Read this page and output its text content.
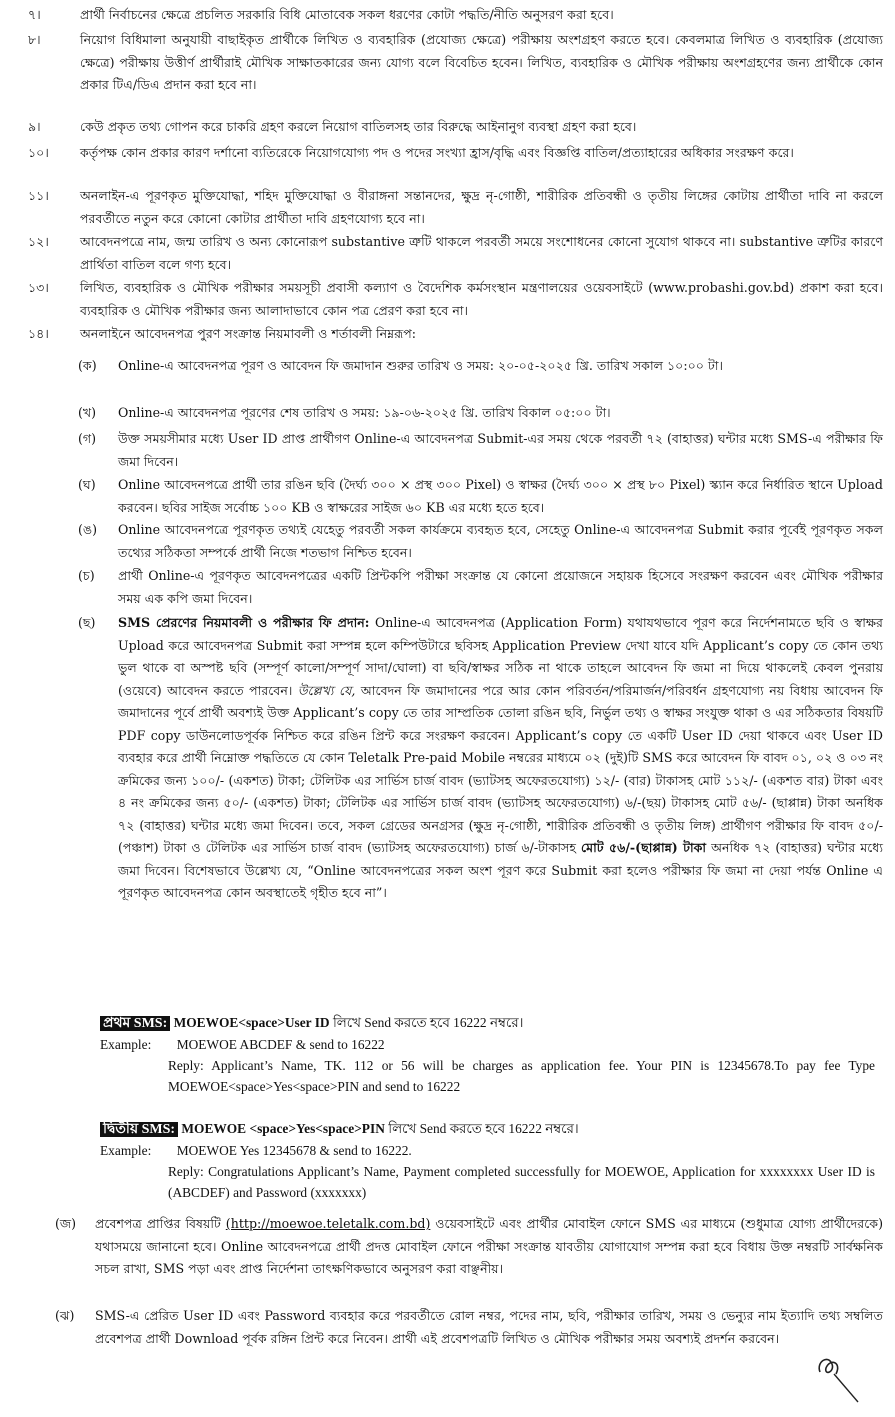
৭।	প্রার্থী নির্বাচনের ক্ষেত্রে প্রচলিত সরকারি বিধি মোতাবেক সকল ধরণের কোটা পদ্ধতি/নীতি অনুসরণ করা হবে।
৮।	নিয়োগ বিধিমালা অনুযায়ী বাছাইকৃত প্রার্থীকে লিখিত ও ব্যবহারিক (প্রযোজ্য ক্ষেত্রে) পরীক্ষায় অংশগ্রহণ করতে হবে। কেবলমাত্র লিখিত ও ব্যবহারিক (প্রযোজ্য ক্ষেত্রে) পরীক্ষায় উত্তীর্ণ প্রার্থীরাই মৌখিক সাক্ষাতকারের জন্য যোগ্য বলে বিবেচিত হবেন। লিখিত, ব্যবহারিক ও মৌখিক পরীক্ষায় অংশগ্রহণের জন্য প্রার্থীকে কোন প্রকার টিএ/ডিএ প্রদান করা হবে না।
৯।	কেউ প্রকৃত তথ্য গোপন করে চাকরি গ্রহণ করলে নিয়োগ বাতিলসহ তার বিরুদ্ধে আইনানুগ ব্যবস্থা গ্রহণ করা হবে।
১০।	কর্তৃপক্ষ কোন প্রকার কারণ দর্শানো ব্যতিরেকে নিয়োগযোগ্য পদ ও পদের সংখ্যা হ্রাস/বৃদ্ধি এবং বিজ্ঞপ্তি বাতিল/প্রত্যাহারের অধিকার সংরক্ষণ করে।
১১।	অনলাইন-এ পূরণকৃত মুক্তিযোদ্ধা, শহিদ মুক্তিযোদ্ধা ও বীরাঙ্গনা সন্তানদের, ক্ষুদ্র নৃ-গোষ্ঠী, শারীরিক প্রতিবন্ধী ও তৃতীয় লিঙ্গের কোটায় প্রার্থীতা দাবি না করলে পরবর্তীতে নতুন করে কোনো কোটার প্রার্থীতা দাবি গ্রহণযোগ্য হবে না।
১২।	আবেদনপত্রে নাম, জন্ম তারিখ ও অন্য কোনোরূপ substantive ত্রুটি থাকলে পরবর্তী সময়ে সংশোধনের কোনো সুযোগ থাকবে না। substantive ত্রুটির কারণে প্রার্থিতা বাতিল বলে গণ্য হবে।
১৩।	লিখিত, ব্যবহারিক ও মৌখিক পরীক্ষার সময়সূচী প্রবাসী কল্যাণ ও বৈদেশিক কর্মসংস্থান মন্ত্রণালয়ের ওয়েবসাইটে (www.probashi.gov.bd) প্রকাশ করা হবে। ব্যবহারিক ও মৌখিক পরীক্ষার জন্য আলাদাভাবে কোন পত্র প্রেরণ করা হবে না।
১৪।	অনলাইনে আবেদনপত্র পুরণ সংক্রান্ত নিয়মাবলী ও শর্তাবলী নিম্নরূপ:
(ক)	Online-এ আবেদনপত্র পূরণ ও আবেদন ফি জমাদান শুরুর তারিখ ও সময়: ২০-০৫-২০২৫ খ্রি. তারিখ সকাল ১০:০০ টা।
(খ)	Online-এ আবেদনপত্র পূরণের শেষ তারিখ ও সময়: ১৯-০৬-২০২৫ খ্রি. তারিখ বিকাল ০৫:০০ টা।
(গ)	উক্ত সময়সীমার মধ্যে User ID প্রাপ্ত প্রার্থীগণ Online-এ আবেদনপত্র Submit-এর সময় থেকে পরবর্তী ৭২ (বাহাত্তর) ঘন্টার মধ্যে SMS-এ পরীক্ষার ফি জমা দিবেন।
(ঘ)	Online আবেদনপত্রে প্রার্থী তার রঙিন ছবি (দৈর্ঘ্য ৩০০ × প্রস্থ ৩০০ Pixel) ও স্বাক্ষর (দৈর্ঘ্য ৩০০ × প্রস্থ ৮০ Pixel) স্ক্যান করে নির্ধারিত স্থানে Upload করবেন। ছবির সাইজ সর্বোচ্চ ১০০ KB ও স্বাক্ষরের সাইজ ৬০ KB এর মধ্যে হতে হবে।
(ঙ)	Online আবেদনপত্রে পূরণকৃত তথ্যই যেহেতু পরবর্তী সকল কার্যক্রমে ব্যবহৃত হবে, সেহেতু Online-এ আবেদনপত্র Submit করার পূর্বেই পূরণকৃত সকল তথ্যের সঠিকতা সম্পর্কে প্রার্থী নিজে শতভাগ নিশ্চিত হবেন।
(চ)	প্রার্থী Online-এ পূরণকৃত আবেদনপত্রের একটি প্রিন্টকপি পরীক্ষা সংক্রান্ত যে কোনো প্রয়োজনে সহায়ক হিসেবে সংরক্ষণ করবেন এবং মৌখিক পরীক্ষার সময় এক কপি জমা দিবেন।
(ছ)	SMS প্রেরণের নিয়মাবলী ও পরীক্ষার ফি প্রদান: Online-এ আবেদনপত্র (Application Form) যথাযথভাবে পূরণ করে নির্দেশনামতে ছবি ও স্বাক্ষর Upload করে আবেদনপত্র Submit করা সম্পন্ন হলে কম্পিউটারে ছবিসহ Application Preview দেখা যাবে যদি Applicant’s copy তে কোন তথ্য ভুল থাকে বা অস্পষ্ট ছবি (সম্পূর্ণ কালো/সম্পূর্ণ সাদা/ঘোলা) বা ছবি/স্বাক্ষর সঠিক না থাকে তাহলে আবেদন ফি জমা না দিয়ে থাকলেই কেবল পুনরায় (ওয়েবে) আবেদন করতে পারবেন। উল্লেখ্য যে, আবেদন ফি জমাদানের পরে আর কোন পরিবর্তন/পরিমার্জন/পরিবর্ধন গ্রহণযোগ্য নয় বিধায় আবেদন ফি জমাদানের পূর্বে প্রার্থী অবশ্যই উক্ত Applicant’s copy তে তার সাম্প্রতিক তোলা রঙিন ছবি, নির্ভুল তথ্য ও স্বাক্ষর সংযুক্ত থাকা ও এর সঠিকতার বিষয়টি PDF copy ডাউনলোডপূর্বক নিশ্চিত করে রঙিন প্রিন্ট করে সংরক্ষণ করবেন। Applicant’s copy তে একটি User ID দেয়া থাকবে এবং User ID ব্যবহার করে প্রার্থী নিম্নোক্ত পদ্ধতিতে যে কোন Teletalk Pre-paid Mobile নম্বরের মাধ্যমে ০২ (দুই)টি SMS করে আবেদন ফি বাবদ ০১, ০২ ও ০৩ নং ক্রমিকের জন্য ১০০/- (একশত) টাকা; টেলিটক এর সার্ভিস চার্জ বাবদ (ভ্যাটসহ অফেরতযোগ্য) ১২/- (বার) টাকাসহ মোট ১১২/- (একশত বার) টাকা এবং ৪ নং ক্রমিকের জন্য ৫০/- (একশত) টাকা; টেলিটক এর সার্ভিস চার্জ বাবদ (ভ্যাটসহ অফেরতযোগ্য) ৬/-(ছয়) টাকাসহ মোট ৫৬/- (ছাপ্পান্ন) টাকা অনধিক ৭২ (বাহাত্তর) ঘন্টার মধ্যে জমা দিবেন। তবে, সকল গ্রেডের অনগ্রসর (ক্ষুদ্র নৃ-গোষ্ঠী, শারীরিক প্রতিবন্ধী ও তৃতীয় লিঙ্গ) প্রার্থীগণ পরীক্ষার ফি বাবদ ৫০/-(পঞ্চাশ) টাকা ও টেলিটক এর সার্ভিস চার্জ বাবদ (ভ্যাটসহ অফেরতযোগ্য) চার্জ ৬/-টাকাসহ মোট ৫৬/-(ছাপ্পান্ন) টাকা অনধিক ৭২ (বাহাত্তর) ঘন্টার মধ্যে জমা দিবেন। বিশেষভাবে উল্লেখ্য যে, “Online আবেদনপত্রের সকল অংশ পূরণ করে Submit করা হলেও পরীক্ষার ফি জমা না দেয়া পর্যন্ত Online এ পূরণকৃত আবেদনপত্র কোন অবস্থাতেই গৃহীত হবে না”।
প্রথম SMS: MOEWOE<space>User ID লিখে Send করতে হবে 16222 নম্বরে।
Example: MOEWOE ABCDEF & send to 16222
Reply: Applicant’s Name, TK. 112 or 56 will be charges as application fee. Your PIN is 12345678.To pay fee Type MOEWOE<space>Yes<space>PIN and send to 16222
দ্বিতীয় SMS: MOEWOE <space>Yes<space>PIN লিখে Send করতে হবে 16222 নম্বরে।
Example: MOEWOE Yes 12345678 & send to 16222.
Reply: Congratulations Applicant’s Name, Payment completed successfully for MOEWOE, Application for xxxxxxxx User ID is (ABCDEF) and Password (xxxxxxx)
(জ)	প্রবেশপত্র প্রাপ্তির বিষয়টি (http://moewoe.teletalk.com.bd) ওয়েবসাইটে এবং প্রার্থীর মোবাইল ফোনে SMS এর মাধ্যমে (শুধুমাত্র যোগ্য প্রার্থীদেরকে) যথাসময়ে জানানো হবে। Online আবেদনপত্রে প্রার্থী প্রদত্ত মোবাইল ফোনে পরীক্ষা সংক্রান্ত যাবতীয় যোগাযোগ সম্পন্ন করা হবে বিধায় উক্ত নম্বরটি সার্বক্ষনিক সচল রাখা, SMS পড়া এবং প্রাপ্ত নির্দেশনা তাৎক্ষণিকভাবে অনুসরণ করা বাঞ্ছনীয়।
(ঝ)	SMS-এ প্রেরিত User ID এবং Password ব্যবহার করে পরবর্তীতে রোল নম্বর, পদের নাম, ছবি, পরীক্ষার তারিখ, সময় ও ভেন্যুর নাম ইত্যাদি তথ্য সম্বলিত প্রবেশপত্র প্রার্থী Download পূর্বক রঙ্গিন প্রিন্ট করে নিবেন। প্রার্থী এই প্রবেশপত্রটি লিখিত ও মৌখিক পরীক্ষার সময় অবশ্যই প্রদর্শন করবেন।
